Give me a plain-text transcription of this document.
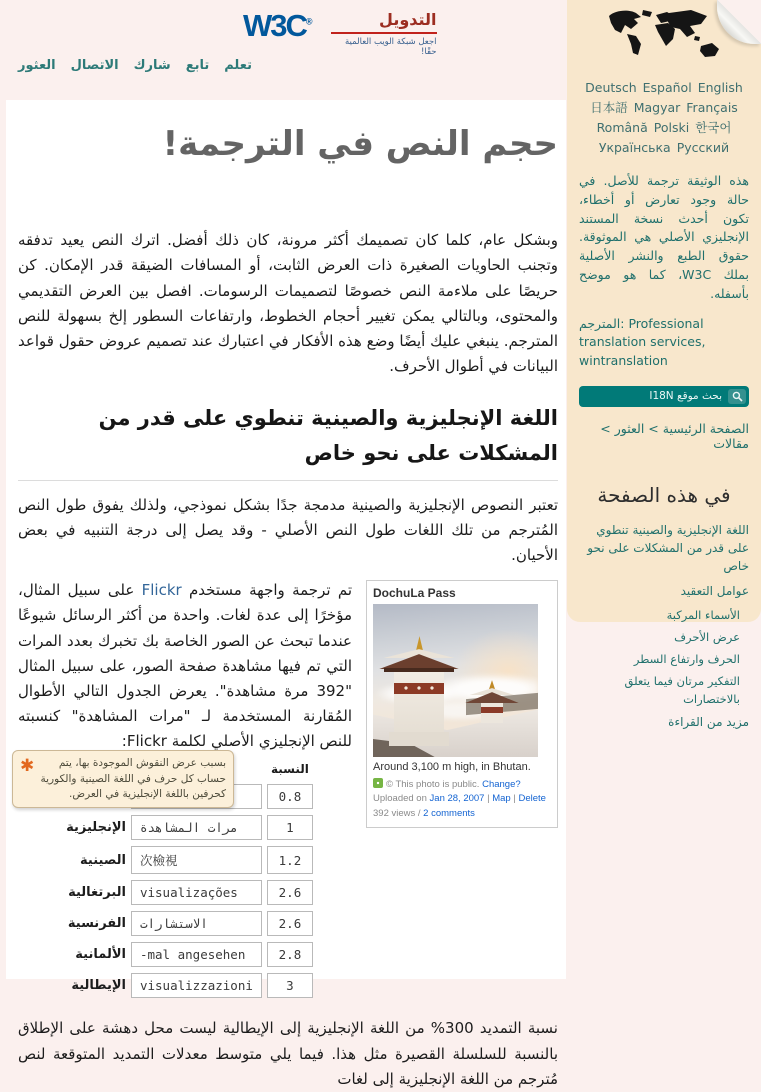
W3C®	التدويل
اجعل شبكة الويب العالمية حقًا!
تعلم
تابع
شارك
الاتصال
العثور
حجم النص في الترجمة!

وبشكل عام، كلما كان تصميمك أكثر مرونة، كان ذلك أفضل. اترك النص يعيد تدفقه وتجنب الحاويات الصغيرة ذات العرض الثابت، أو المسافات الضيقة قدر الإمكان. كن حريصًا على ملاءمة النص خصوصًا لتصميمات الرسومات. افصل بين العرض التقديمي والمحتوى، وبالتالي يمكن تغيير أحجام الخطوط، وارتفاعات السطور إلخ بسهولة للنص المترجم. ينبغي عليك أيضًا وضع هذه الأفكار في اعتبارك عند تصميم عروض حقول قواعد البيانات في أطوال الأحرف.

اللغة الإنجليزية والصينية تنطوي على قدر من المشكلات على نحو خاص

تعتبر النصوص الإنجليزية والصينية مدمجة جدًا بشكل نموذجي، ولذلك يفوق طول النص المُترجم من تلك اللغات طول النص الأصلي - وقد يصل إلى درجة التنبيه في بعض الأحيان.

DochuLa Pass
Around 3,100 m high, in Bhutan.
© This photo is public. Change?
Uploaded on Jan 28, 2007 | Map | Delete
392 views / 2 comments

تم ترجمة واجهة مستخدم Flickr على سبيل المثال، مؤخرًا إلى عدة لغات. واحدة من أكثر الرسائل شيوعًا عندما تبحث عن الصور الخاصة بك تخبرك بعدد المرات التي تم فيها مشاهدة صفحة الصور، على سبيل المثال "392 مرة مشاهدة". يعرض الجدول التالي الأطوال المُقارنة المستخدمة لـ "مرات المشاهدة" كنسبته للنص الإنجليزي الأصلي لكلمة Flickr:

		النسبة
		0.8
الإنجليزية	مرات المشاهدة	1
الصينية	次檢視	1.2
البرتغالية	visualizações	2.6
الفرنسية	الاستشارات	2.6
الألمانية	-mal angesehen	2.8
الإيطالية	visualizzazioni	3
✱	بسبب عرض النقوش الموجودة بها، يتم حساب كل حرف في اللغة الصينية والكورية كحرفين باللغة الإنجليزية في العرض.

نسبة التمديد 300% من اللغة الإنجليزية إلى الإيطالية ليست محل دهشة على الإطلاق بالنسبة للسلسلة القصيرة مثل هذا. فيما يلي متوسط معدلات التمديد المتوقعة لنص مُترجم من اللغة الإنجليزية إلى لغات

Deutsch Español English
日本語 Magyar Français
Română Polski 한국어
Українська Русский

هذه الوثيقة ترجمة للأصل. في حالة وجود تعارض أو أخطاء، تكون أحدث نسخة المستند الإنجليزي الأصلي هي الموثوقة. حقوق الطبع والنشر الأصلية بملك W3C، كما هو موضح بأسفله.

المترجم: Professional translation services, wintranslation

بحث موقع I18N
الصفحة الرئيسية > العثور > مقالات
في هذه الصفحة
اللغة الإنجليزية والصينية تنطوي على قدر من المشكلات على نحو خاص
عوامل التعقيد
الأسماء المركبة
عرض الأحرف
الحرف وارتفاع السطر
التفكير مرتان فيما يتعلق بالاختصارات
مزيد من القراءة
